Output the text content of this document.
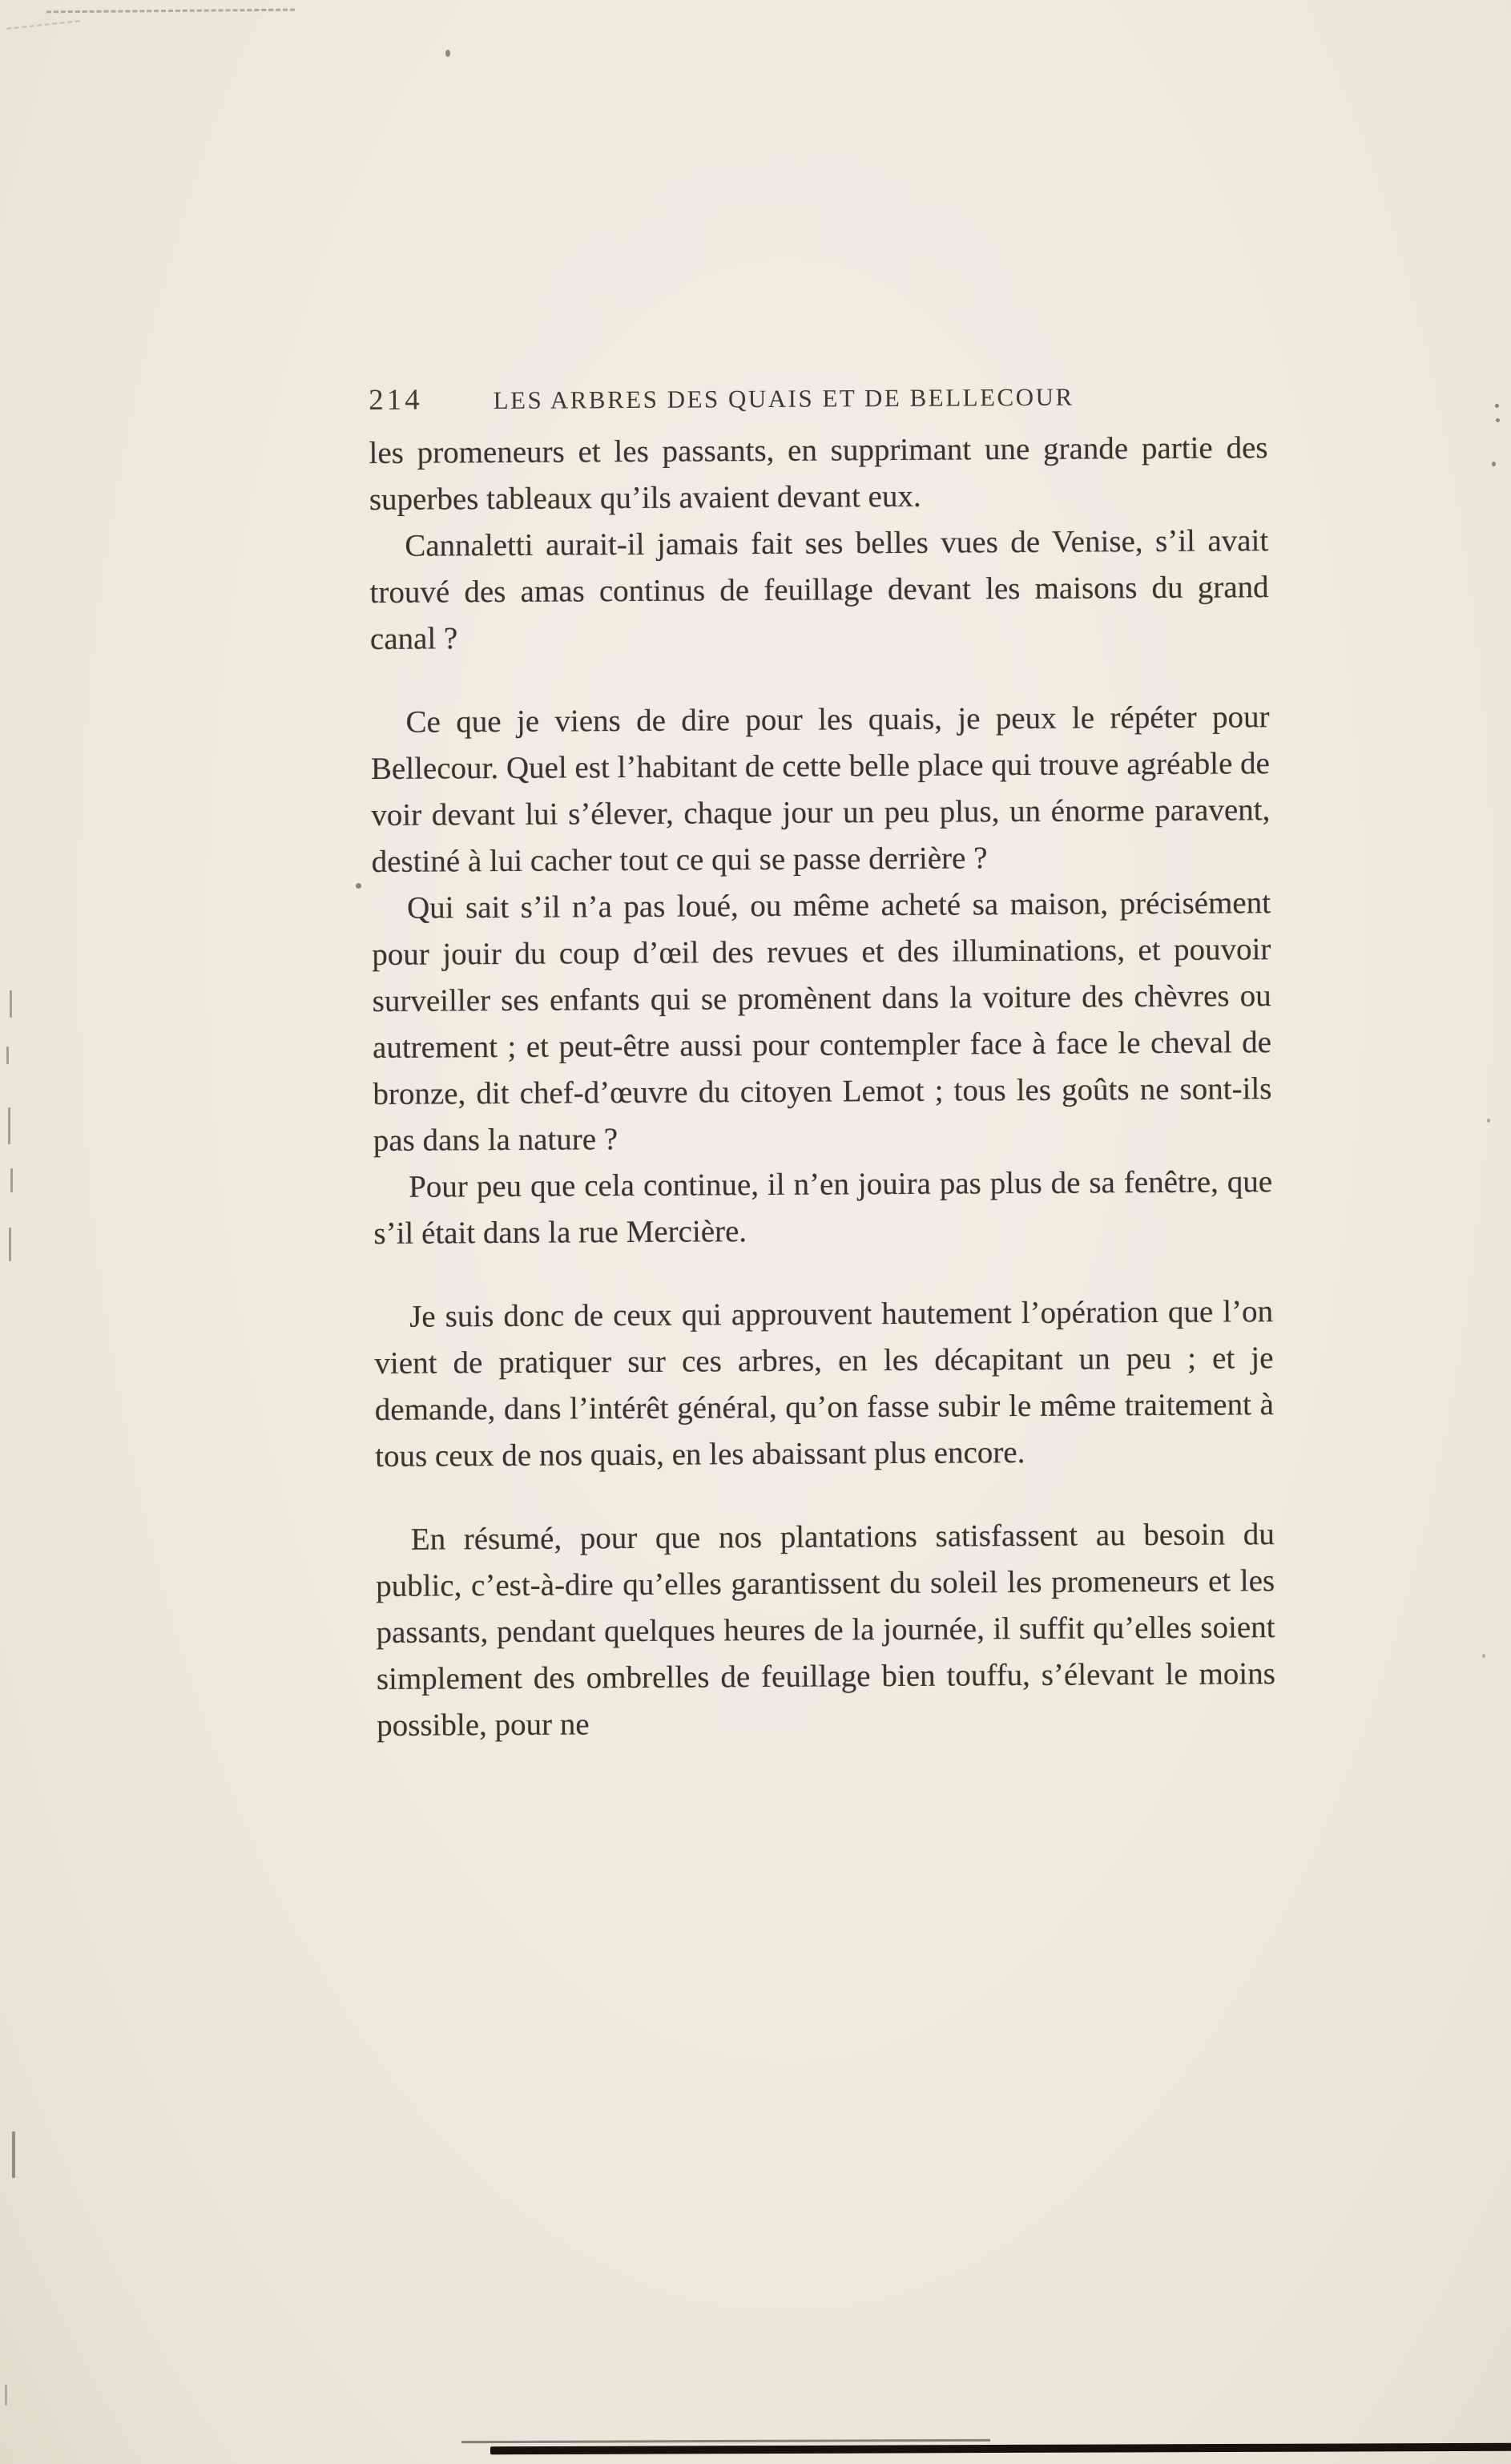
214	LES ARBRES DES QUAIS ET DE BELLECOUR

les promeneurs et les passants, en supprimant une grande partie des superbes tableaux qu’ils avaient devant eux.

Cannaletti aurait-il jamais fait ses belles vues de Venise, s’il avait trouvé des amas continus de feuillage devant les maisons du grand canal ?

Ce que je viens de dire pour les quais, je peux le répéter pour Bellecour. Quel est l’habitant de cette belle place qui trouve agréable de voir devant lui s’élever, chaque jour un peu plus, un énorme paravent, destiné à lui cacher tout ce qui se passe derrière ?

Qui sait s’il n’a pas loué, ou même acheté sa maison, précisément pour jouir du coup d’œil des revues et des illuminations, et pouvoir surveiller ses enfants qui se promènent dans la voiture des chèvres ou autrement ; et peut-être aussi pour contempler face à face le cheval de bronze, dit chef-d’œuvre du citoyen Lemot ; tous les goûts ne sont-ils pas dans la nature ?

Pour peu que cela continue, il n’en jouira pas plus de sa fenêtre, que s’il était dans la rue Mercière.

Je suis donc de ceux qui approuvent hautement l’opération que l’on vient de pratiquer sur ces arbres, en les décapitant un peu ; et je demande, dans l’intérêt général, qu’on fasse subir le même traitement à tous ceux de nos quais, en les abaissant plus encore.

En résumé, pour que nos plantations satisfassent au besoin du public, c’est-à-dire qu’elles garantissent du soleil les promeneurs et les passants, pendant quelques heures de la journée, il suffit qu’elles soient simplement des ombrelles de feuillage bien touffu, s’élevant le moins possible, pour ne
